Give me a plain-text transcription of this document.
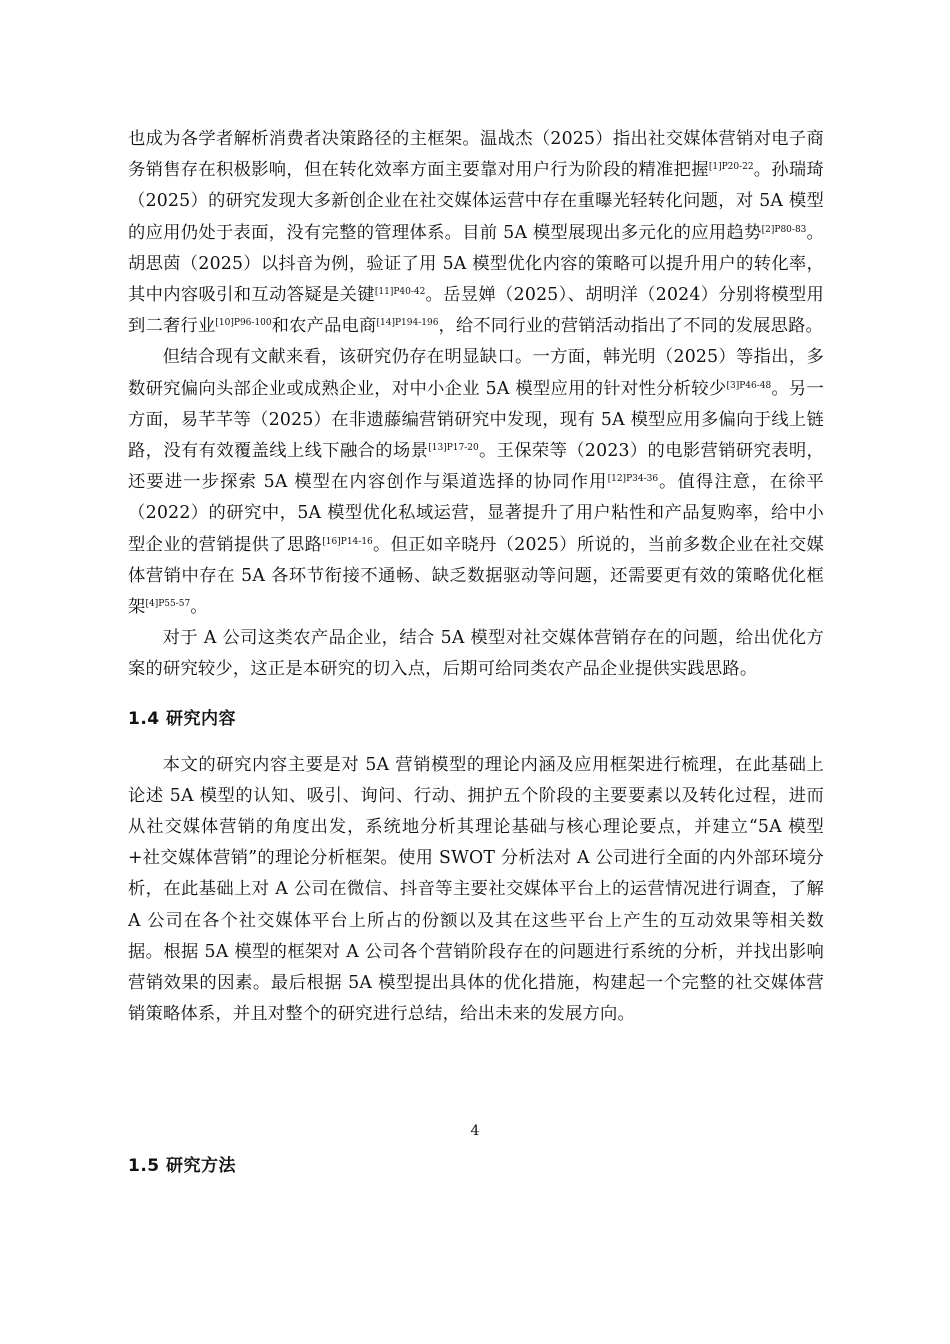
也成为各学者解析消费者决策路径的主框架。温战杰（2025）指出社交媒体营销对电子商务销售存在积极影响，但在转化效率方面主要靠对用户行为阶段的精准把握$^{[1]P20-22}$。孙瑞琦（2025）的研究发现大多新创企业在社交媒体运营中存在重曝光轻转化问题，对 5A 模型的应用仍处于表面，没有完整的管理体系。目前 5A 模型展现出多元化的应用趋势$^{[2]P80-83}$。胡思茵（2025）以抖音为例，验证了用 5A 模型优化内容的策略可以提升用户的转化率，其中内容吸引和互动答疑是关键$^{[11]P40-42}$。岳昱婵（2025）、胡明洋（2024）分别将模型用到二奢行业$^{[10]P96-100}$和农产品电商$^{[14]P194-196}$，给不同行业的营销活动指出了不同的发展思路。

但结合现有文献来看，该研究仍存在明显缺口。一方面，韩光明（2025）等指出，多数研究偏向头部企业或成熟企业，对中小企业 5A 模型应用的针对性分析较少$^{[3]P46-48}$。另一方面，易芊芊等（2025）在非遗藤编营销研究中发现，现有 5A 模型应用多偏向于线上链路，没有有效覆盖线上线下融合的场景$^{[13]P17-20}$。王保荣等（2023）的电影营销研究表明，还要进一步探索 5A 模型在内容创作与渠道选择的协同作用$^{[12]P34-36}$。值得注意，在徐平（2022）的研究中，5A 模型优化私域运营，显著提升了用户粘性和产品复购率，给中小型企业的营销提供了思路$^{[16]P14-16}$。但正如辛晓丹（2025）所说的，当前多数企业在社交媒体营销中存在 5A 各环节衔接不通畅、缺乏数据驱动等问题，还需要更有效的策略优化框架$^{[4]P55-57}$。

对于 A 公司这类农产品企业，结合 5A 模型对社交媒体营销存在的问题，给出优化方案的研究较少，这正是本研究的切入点，后期可给同类农产品企业提供实践思路。

1.4 研究内容

本文的研究内容主要是对 5A 营销模型的理论内涵及应用框架进行梳理，在此基础上论述 5A 模型的认知、吸引、询问、行动、拥护五个阶段的主要要素以及转化过程，进而从社交媒体营销的角度出发，系统地分析其理论基础与核心理论要点，并建立“5A 模型+社交媒体营销”的理论分析框架。使用 SWOT 分析法对 A 公司进行全面的内外部环境分析，在此基础上对 A 公司在微信、抖音等主要社交媒体平台上的运营情况进行调查，了解 A 公司在各个社交媒体平台上所占的份额以及其在这些平台上产生的互动效果等相关数据。根据 5A 模型的框架对 A 公司各个营销阶段存在的问题进行系统的分析，并找出影响营销效果的因素。最后根据 5A 模型提出具体的优化措施，构建起一个完整的社交媒体营销策略体系，并且对整个的研究进行总结，给出未来的发展方向。

4
1.5 研究方法
